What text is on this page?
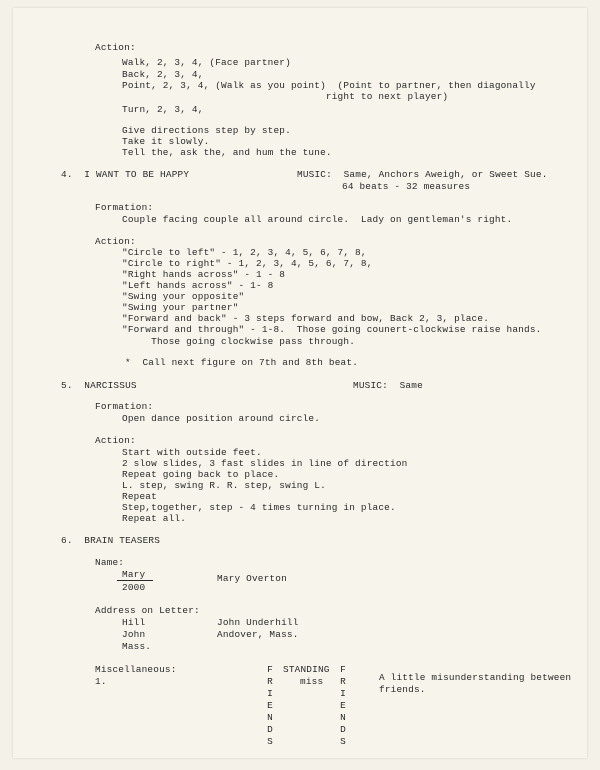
Action:
Walk, 2, 3, 4, (Face partner)
Back, 2, 3, 4,
Point, 2, 3, 4, (Walk as you point)  (Point to partner, then diagonally
right to next player)
Turn, 2, 3, 4,
Give directions step by step.
Take it slowly.
Tell the, ask the, and hum the tune.
4.  I WANT TO BE HAPPY	MUSIC:  Same, Anchors Aweigh, or Sweet Sue.
64 beats - 32 measures
Formation:
Couple facing couple all around circle.  Lady on gentleman's right.
Action:
"Circle to left" - 1, 2, 3, 4, 5, 6, 7, 8,
"Circle to right" - 1, 2, 3, 4, 5, 6, 7, 8,
"Right hands across" - 1 - 8
"Left hands across" - 1- 8
"Swing your opposite"
"Swing your partner"
"Forward and back" - 3 steps forward and bow, Back 2, 3, place.
"Forward and through" - 1-8.  Those going counert-clockwise raise hands.
Those going clockwise pass through.
*  Call next figure on 7th and 8th beat.
5.  NARCISSUS	MUSIC:  Same
Formation:
Open dance position around circle.
Action:
Start with outside feet.
2 slow slides, 3 fast slides in line of direction
Repeat going back to place.
L. step, swing R. R. step, swing L.
Repeat
Step,together, step - 4 times turning in place.
Repeat all.
6.  BRAIN TEASERS
Name:
Mary
2000
Mary Overton
Address on Letter:
Hill
John
Mass.
John Underhill
Andover, Mass.
Miscellaneous:
1.
F
R
I
E
N
D
S
STANDING
miss
F
R
I
E
N
D
S
A little misunderstanding between
friends.
